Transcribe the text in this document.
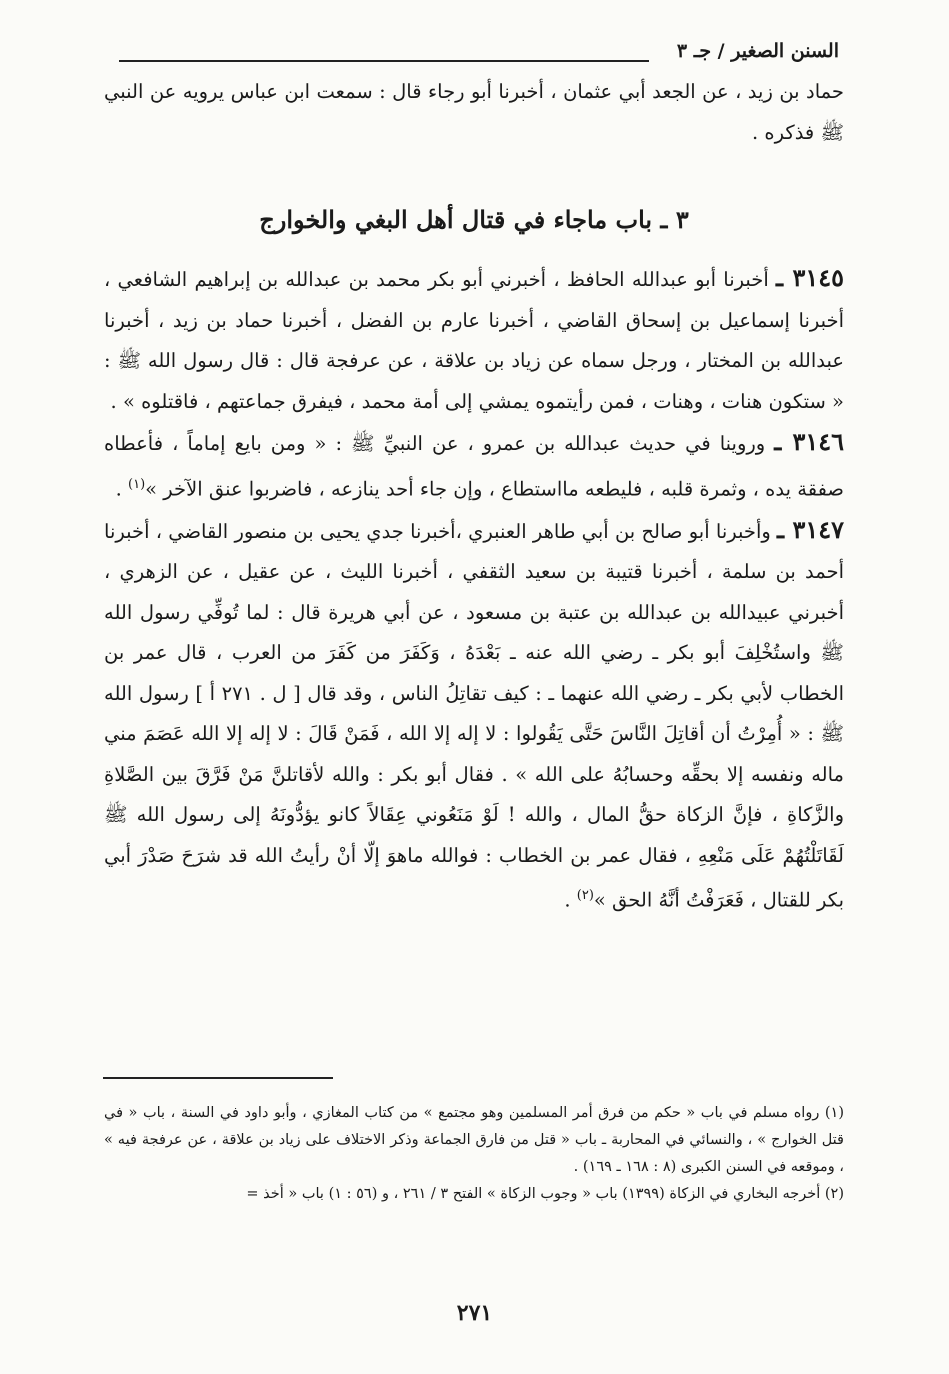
السنن الصغير / جـ ٣

حماد بن زيد ، عن الجعد أبي عثمان ، أخبرنا أبو رجاء قال : سمعت ابن عباس يرويه عن النبي ﷺ فذكره .

٣ ـ باب ماجاء في قتال أهل البغي والخوارج

٣١٤٥ ـ أخبرنا أبو عبدالله الحافظ ، أخبرني أبو بكر محمد بن عبدالله بن إبراهيم الشافعي ، أخبرنا إسماعيل بن إسحاق القاضي ، أخبرنا عارم بن الفضل ، أخبرنا حماد بن زيد ، أخبرنا عبدالله بن المختار ، ورجل سماه عن زياد بن علاقة ، عن عرفجة قال : قال رسول الله ﷺ : « ستكون هنات ، وهنات ، فمن رأيتموه يمشي إلى أمة محمد ، فيفرق جماعتهم ، فاقتلوه » .

٣١٤٦ ـ وروينا في حديث عبدالله بن عمرو ، عن النبيِّ ﷺ : « ومن بايع إماماً ، فأعطاه صفقة يده ، وثمرة قلبه ، فليطعه مااستطاع ، وإن جاء أحد ينازعه ، فاضربوا عنق الآخر »$^{(١)}$ .

٣١٤٧ ـ وأخبرنا أبو صالح بن أبي طاهر العنبري ،أخبرنا جدي يحيى بن منصور القاضي ، أخبرنا أحمد بن سلمة ، أخبرنا قتيبة بن سعيد الثقفي ، أخبرنا الليث ، عن عقيل ، عن الزهري ، أخبرني عبيدالله بن عبدالله بن عتبة بن مسعود ، عن أبي هريرة قال : لما تُوفِّي رسول الله ﷺ واستُخْلِفَ أبو بكر ـ رضي الله عنه ـ بَعْدَهُ ، وَكَفَرَ من كَفَرَ من العرب ، قال عمر بن الخطاب لأبي بكر ـ رضي الله عنهما ـ : كيف تقاتِلُ الناس ، وقد قال [ ل . ٢٧١ أ ] رسول الله ﷺ : « أُمِرْتُ أن أقاتِلَ النَّاسَ حَتَّى يَقُولوا : لا إله إلا الله ، فَمَنْ قَالَ : لا إله إلا الله عَصَمَ مني ماله ونفسه إلا بحقِّه وحسابُهُ على الله » . فقال أبو بكر : والله لأقاتلنَّ مَنْ فَرَّقَ بين الصَّلاةِ والزَّكاةِ ، فإنَّ الزكاة حقُّ المال ، والله ! لَوْ مَنَعُوني عِقَالاً كانو يؤدُّونَهُ إلى رسول الله ﷺ لَقَاتَلْتُهُمْ عَلَى مَنْعِهِ ، فقال عمر بن الخطاب : فوالله ماهوَ إلّا أنْ رأيتُ الله قد شرَحَ صَدْرَ أبي بكر للقتال ، فَعَرَفْتُ أنَّهُ الحق »$^{(٢)}$ .

(١) رواه مسلم في باب « حكم من فرق أمر المسلمين وهو مجتمع » من كتاب المغازي ، وأبو داود في السنة ، باب « في قتل الخوارج » ، والنسائي في المحاربة ـ باب « قتل من فارق الجماعة وذكر الاختلاف على زياد بن علاقة ، عن عرفجة فيه » ، وموقعه في السنن الكبرى (٨ : ١٦٨ ـ ١٦٩) .

(٢) أخرجه البخاري في الزكاة (١٣٩٩) باب « وجوب الزكاة » الفتح ٣ / ٢٦١ ، و (٥٦ : ١) باب « أخذ =

٢٧١
